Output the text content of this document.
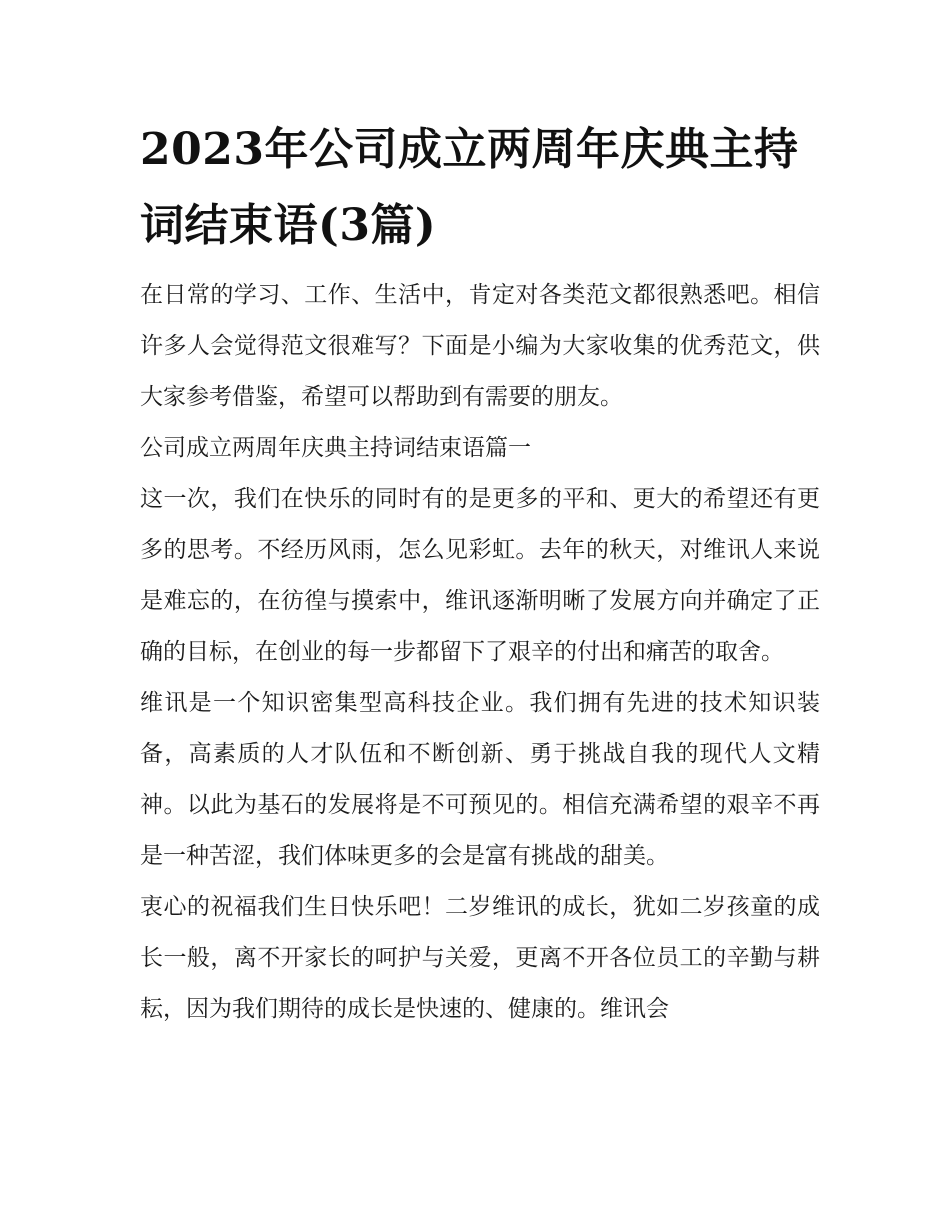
2023年公司成立两周年庆典主持词结束语(3篇)

在日常的学习、工作、生活中，肯定对各类范文都很熟悉吧。相信许多人会觉得范文很难写？下面是小编为大家收集的优秀范文，供大家参考借鉴，希望可以帮助到有需要的朋友。

公司成立两周年庆典主持词结束语篇一

这一次，我们在快乐的同时有的是更多的平和、更大的希望还有更多的思考。不经历风雨，怎么见彩虹。去年的秋天，对维讯人来说是难忘的，在彷徨与摸索中，维讯逐渐明晰了发展方向并确定了正确的目标，在创业的每一步都留下了艰辛的付出和痛苦的取舍。

维讯是一个知识密集型高科技企业。我们拥有先进的技术知识装备，高素质的人才队伍和不断创新、勇于挑战自我的现代人文精神。以此为基石的发展将是不可预见的。相信充满希望的艰辛不再是一种苦涩，我们体味更多的会是富有挑战的甜美。

衷心的祝福我们生日快乐吧！二岁维讯的成长，犹如二岁孩童的成长一般，离不开家长的呵护与关爱，更离不开各位员工的辛勤与耕耘，因为我们期待的成长是快速的、健康的。维讯会
